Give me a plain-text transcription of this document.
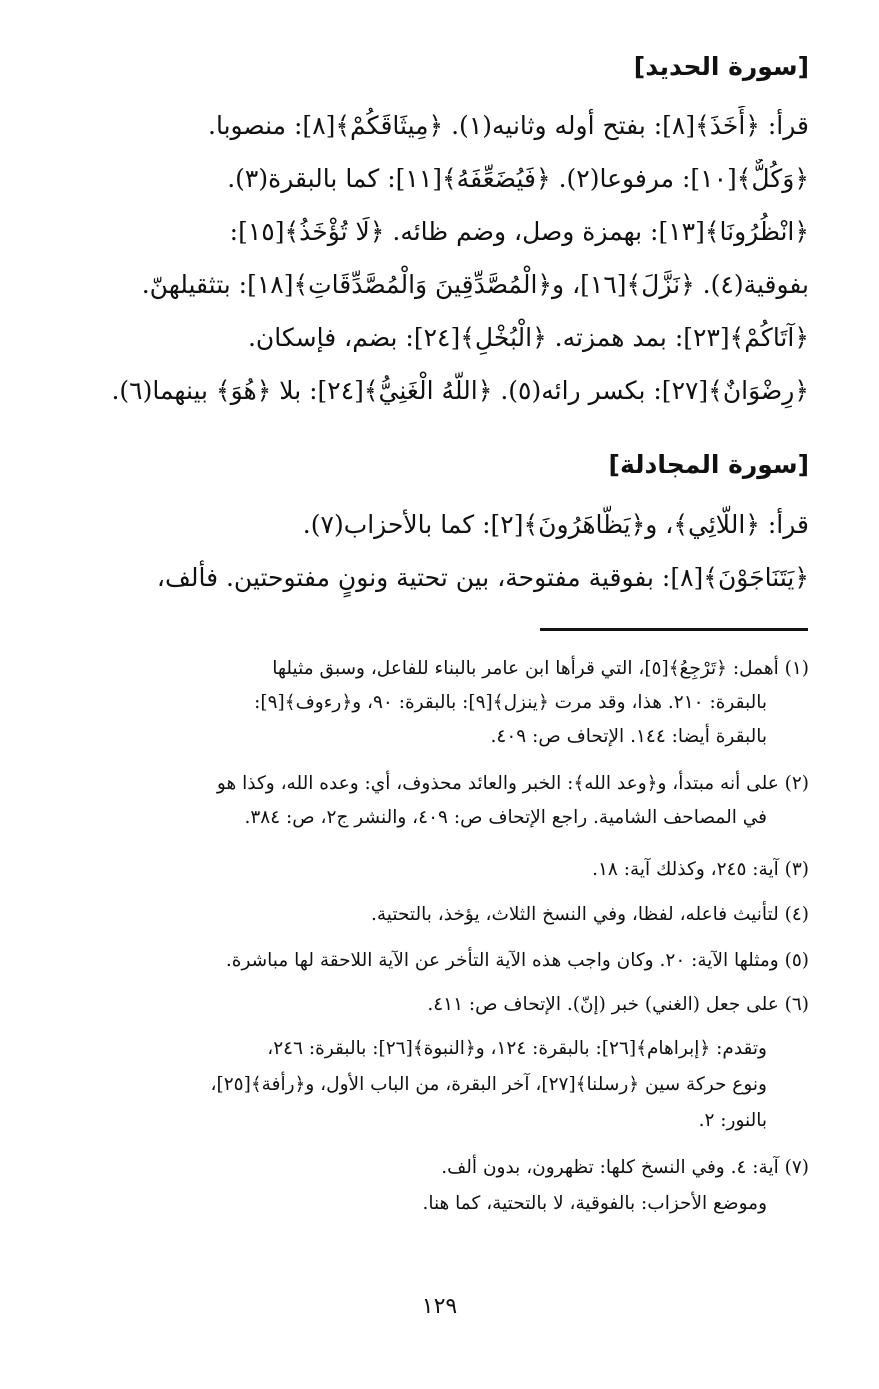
[سورة الحديد]
قرأ: ﴿أَخَذَ﴾[٨]: بفتح أوله وثانيه(١). ﴿مِيثَاقَكُمْ﴾[٨]: منصوبا.
﴿وَكُلٌّ﴾[١٠]: مرفوعا(٢). ﴿فَيُضَعِّفَهُ﴾[١١]: كما بالبقرة(٣).
﴿انْظُرُونَا﴾[١٣]: بهمزة وصل، وضم ظائه. ﴿لَا تُؤْخَذُ﴾[١٥]:
بفوقية(٤). ﴿نَزَّلَ﴾[١٦]، و﴿الْمُصَّدِّقِينَ وَالْمُصَّدِّقَاتِ﴾[١٨]: بتثقيلهنّ.
﴿آتَاكُمْ﴾[٢٣]: بمد همزته. ﴿الْبُخْلِ﴾[٢٤]: بضم، فإسكان.
﴿رِضْوَانٌ﴾[٢٧]: بكسر رائه(٥). ﴿اللَّهُ الْغَنِيُّ﴾[٢٤]: بلا ﴿هُوَ﴾ بينهما(٦).
[سورة المجادلة]
قرأ: ﴿اللَّائِي﴾، و﴿يَظَّاهَرُونَ﴾[٢]: كما بالأحزاب(٧).
﴿يَتَنَاجَوْنَ﴾[٨]: بفوقية مفتوحة، بين تحتية ونونٍ مفتوحتين. فألف،
(١) أهمل: ﴿تَرْجِعُ﴾[٥]، التي قرأها ابن عامر بالبناء للفاعل، وسبق مثيلها
بالبقرة: ٢١٠. هذا، وقد مرت ﴿ينزل﴾[٩]: بالبقرة: ٩٠، و﴿رءوف﴾[٩]:
بالبقرة أيضا: ١٤٤. الإتحاف ص: ٤٠٩.
(٢) على أنه مبتدأ، و﴿وعد الله﴾: الخبر والعائد محذوف، أي: وعده الله، وكذا هو
في المصاحف الشامية. راجع الإتحاف ص: ٤٠٩، والنشر ج٢، ص: ٣٨٤.
(٣) آية: ٢٤٥، وكذلك آية: ١٨.
(٤) لتأنيث فاعله، لفظا، وفي النسخ الثلاث، يؤخذ، بالتحتية.
(٥) ومثلها الآية: ٢٠. وكان واجب هذه الآية التأخر عن الآية اللاحقة لها مباشرة.
(٦) على جعل (الغني) خبر (إنّ). الإتحاف ص: ٤١١.
وتقدم: ﴿إبراهام﴾[٢٦]: بالبقرة: ١٢٤، و﴿النبوة﴾[٢٦]: بالبقرة: ٢٤٦،
ونوع حركة سين ﴿رسلنا﴾[٢٧]، آخر البقرة، من الباب الأول، و﴿رأفة﴾[٢٥]،
بالنور: ٢.
(٧) آية: ٤. وفي النسخ كلها: تظهرون، بدون ألف.
وموضع الأحزاب: بالفوقية، لا بالتحتية، كما هنا.
١٢٩
